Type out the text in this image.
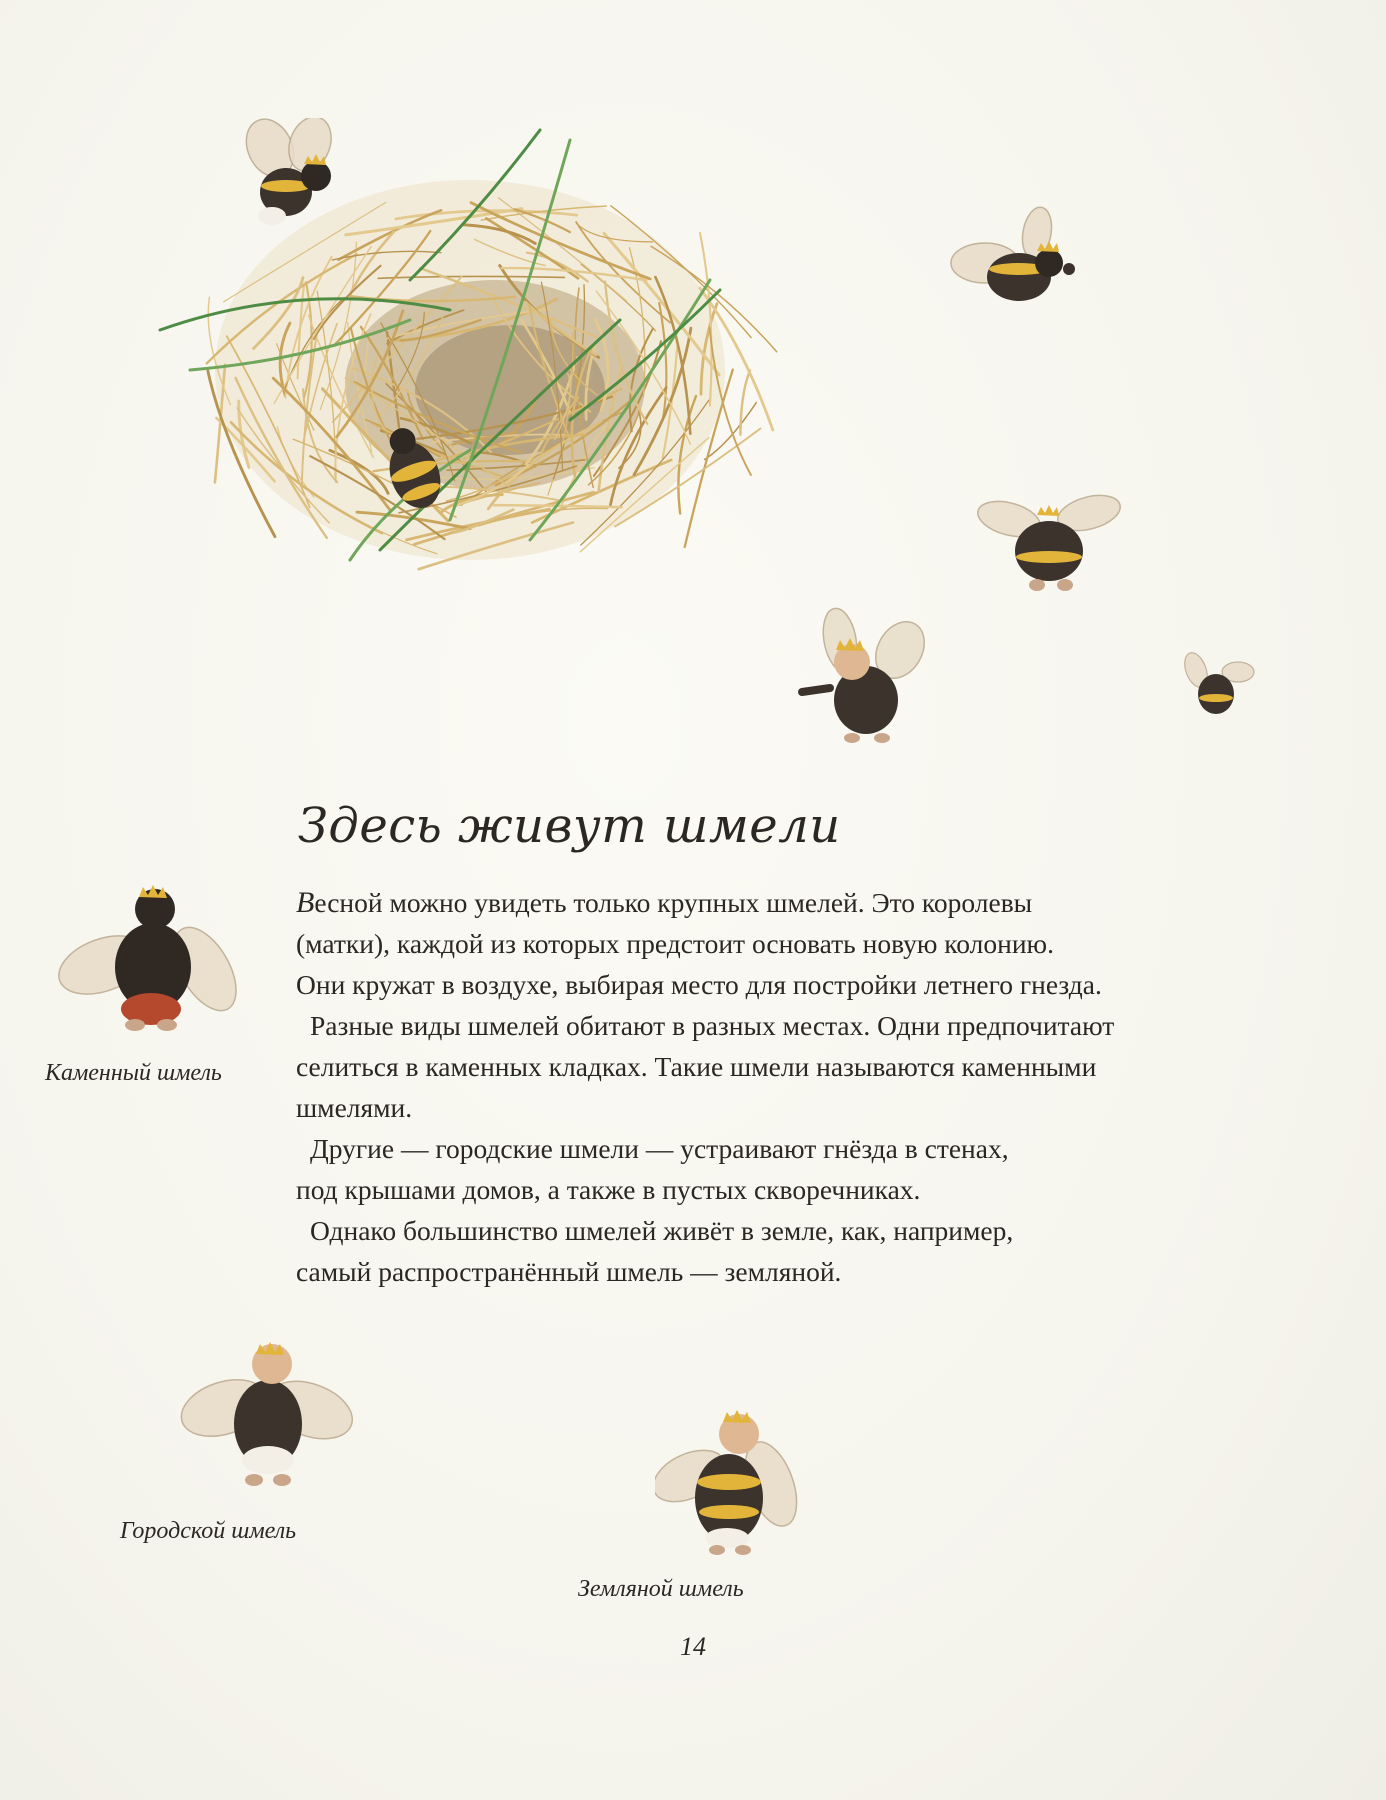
Здесь живут шмели

Весной можно увидеть только крупных шмелей. Это королевы
(матки), каждой из которых предстоит основать новую колонию.
Они кружат в воздухе, выбирая место для постройки летнего гнезда.

Разные виды шмелей обитают в разных местах. Одни предпочитают
селиться в каменных кладках. Такие шмели называются каменными
шмелями.

Другие — городские шмели — устраивают гнёзда в стенах,
под крышами домов, а также в пустых скворечниках.

Однако большинство шмелей живёт в земле, как, например,
самый распространённый шмель — земляной.

Каменный шмель

Городской шмель

Земляной шмель

14
